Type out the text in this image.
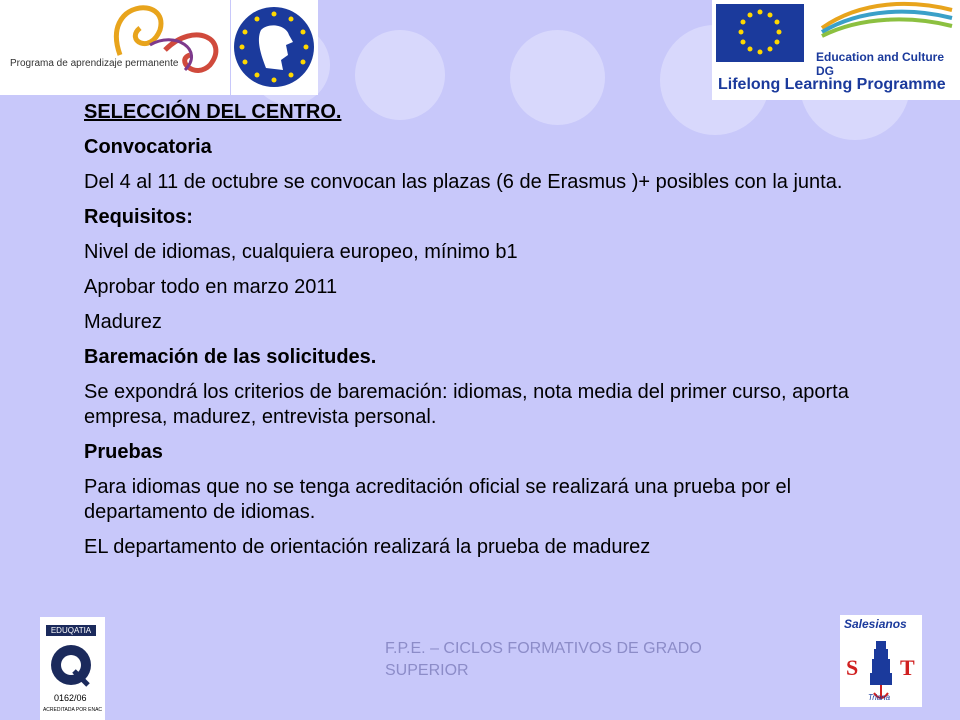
Programa de aprendizaje permanente	Education and Culture DG
Lifelong Learning Programme

SELECCIÓN DEL CENTRO.

Convocatoria

Del 4 al 11 de octubre se convocan las plazas (6 de Erasmus )+ posibles con la junta.

Requisitos:

Nivel de idiomas, cualquiera europeo, mínimo b1

Aprobar todo en marzo 2011

Madurez

Baremación de las solicitudes.

Se expondrá los criterios de baremación: idiomas, nota media del primer curso, aporta empresa, madurez, entrevista personal.

Pruebas

Para idiomas que no se tenga acreditación oficial se realizará una prueba por el departamento de idiomas.

EL departamento de orientación realizará la prueba de madurez

EDUQATIA
0162/06
ACREDITADA POR ENAC
F.P.E. – CICLOS FORMATIVOS DE GRADO SUPERIOR
Salesianos
S T
Triana
